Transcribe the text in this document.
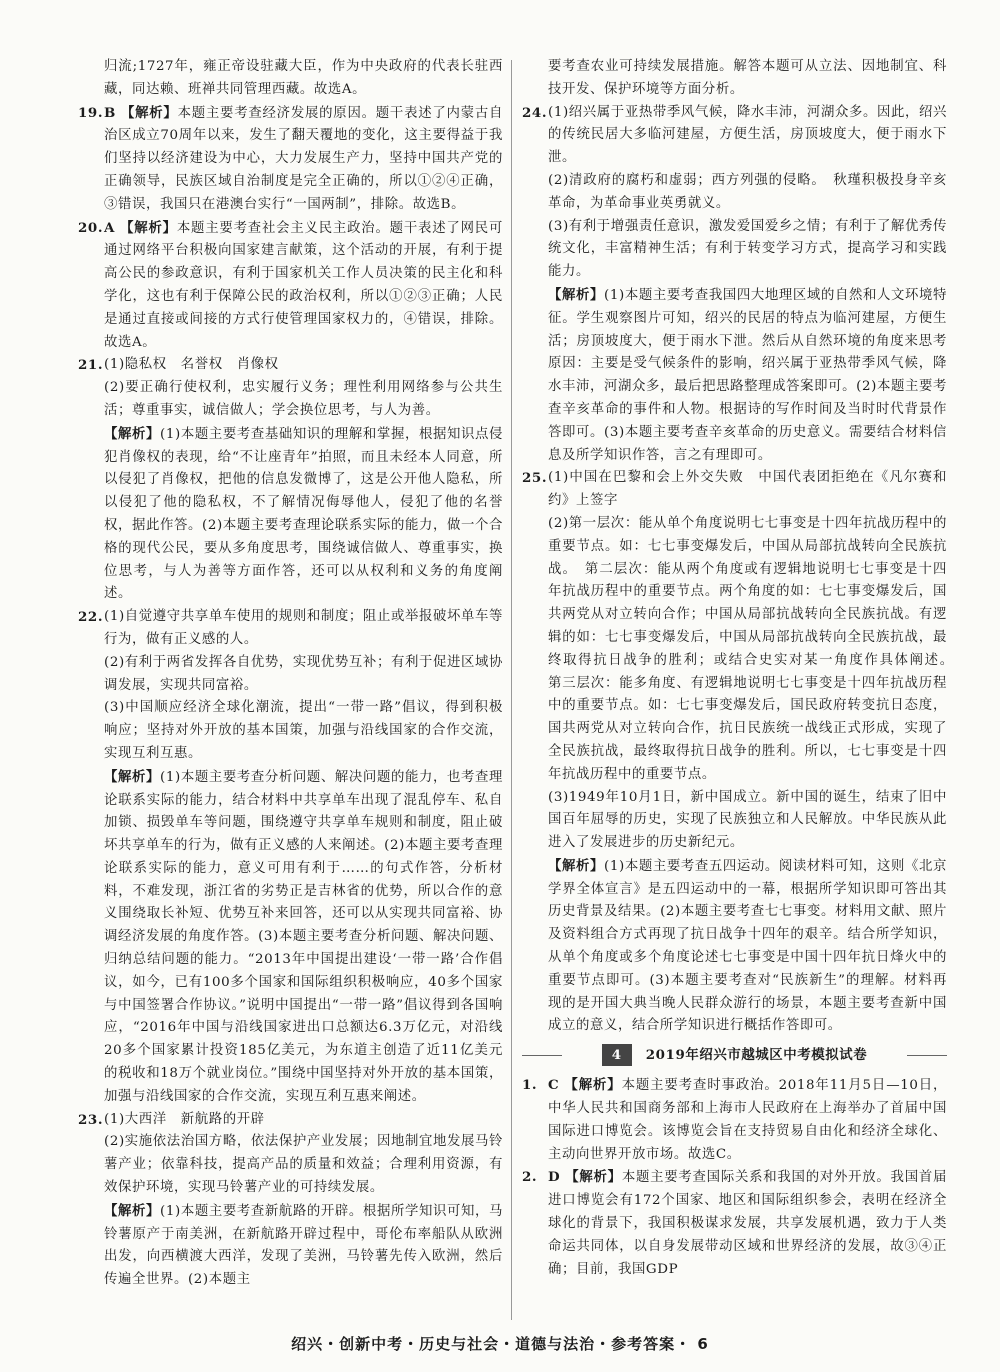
归流;1727年，雍正帝设驻藏大臣，作为中央政府的代表长驻西藏，同达赖、班禅共同管理西藏。故选A。

19. B 【解析】本题主要考查经济发展的原因。题干表述了内蒙古自治区成立70周年以来，发生了翻天覆地的变化，这主要得益于我们坚持以经济建设为中心，大力发展生产力，坚持中国共产党的正确领导，民族区域自治制度是完全正确的，所以①②④正确，③错误，我国只在港澳台实行“一国两制”，排除。故选B。

20. A 【解析】本题主要考查社会主义民主政治。题干表述了网民可通过网络平台积极向国家建言献策，这个活动的开展，有利于提高公民的参政意识，有利于国家机关工作人员决策的民主化和科学化，这也有利于保障公民的政治权利，所以①②③正确；人民是通过直接或间接的方式行使管理国家权力的，④错误，排除。故选A。

21. (1)隐私权　名誉权　肖像权

(2)要正确行使权利，忠实履行义务；理性利用网络参与公共生活；尊重事实，诚信做人；学会换位思考，与人为善。

【解析】(1)本题主要考查基础知识的理解和掌握，根据知识点侵犯肖像权的表现，给“不让座青年”拍照，而且未经本人同意，所以侵犯了肖像权，把他的信息发微博了，这是公开他人隐私，所以侵犯了他的隐私权，不了解情况侮辱他人，侵犯了他的名誉权，据此作答。(2)本题主要考查理论联系实际的能力，做一个合格的现代公民，要从多角度思考，围绕诚信做人、尊重事实，换位思考，与人为善等方面作答，还可以从权利和义务的角度阐述。

22. (1)自觉遵守共享单车使用的规则和制度；阻止或举报破坏单车等行为，做有正义感的人。

(2)有利于两省发挥各自优势，实现优势互补；有利于促进区域协调发展，实现共同富裕。

(3)中国顺应经济全球化潮流，提出“一带一路”倡议，得到积极响应；坚持对外开放的基本国策，加强与沿线国家的合作交流，实现互利互惠。

【解析】(1)本题主要考查分析问题、解决问题的能力，也考查理论联系实际的能力，结合材料中共享单车出现了混乱停车、私自加锁、损毁单车等问题，围绕遵守共享单车规则和制度，阻止破坏共享单车的行为，做有正义感的人来阐述。(2)本题主要考查理论联系实际的能力，意义可用有利于……的句式作答，分析材料，不难发现，浙江省的劣势正是吉林省的优势，所以合作的意义围绕取长补短、优势互补来回答，还可以从实现共同富裕、协调经济发展的角度作答。(3)本题主要考查分析问题、解决问题、归纳总结问题的能力。“2013年中国提出建设‘一带一路’合作倡议，如今，已有100多个国家和国际组织积极响应，40多个国家与中国签署合作协议。”说明中国提出“一带一路”倡议得到各国响应，“2016年中国与沿线国家进出口总额达6.3万亿元，对沿线20多个国家累计投资185亿美元，为东道主创造了近11亿美元的税收和18万个就业岗位。”围绕中国坚持对外开放的基本国策，加强与沿线国家的合作交流，实现互利互惠来阐述。

23. (1)大西洋　新航路的开辟

(2)实施依法治国方略，依法保护产业发展；因地制宜地发展马铃薯产业；依靠科技，提高产品的质量和效益；合理利用资源，有效保护环境，实现马铃薯产业的可持续发展。

【解析】(1)本题主要考查新航路的开辟。根据所学知识可知，马铃薯原产于南美洲，在新航路开辟过程中，哥伦布率船队从欧洲出发，向西横渡大西洋，发现了美洲，马铃薯先传入欧洲，然后传遍全世界。(2)本题主

要考查农业可持续发展措施。解答本题可从立法、因地制宜、科技开发、保护环境等方面分析。

24. (1)绍兴属于亚热带季风气候，降水丰沛，河湖众多。因此，绍兴的传统民居大多临河建屋，方便生活，房顶坡度大，便于雨水下泄。

(2)清政府的腐朽和虚弱；西方列强的侵略。　秋瑾积极投身辛亥革命，为革命事业英勇就义。

(3)有利于增强责任意识，激发爱国爱乡之情；有利于了解优秀传统文化，丰富精神生活；有利于转变学习方式，提高学习和实践能力。

【解析】(1)本题主要考查我国四大地理区域的自然和人文环境特征。学生观察图片可知，绍兴的民居的特点为临河建屋，方便生活；房顶坡度大，便于雨水下泄。然后从自然环境的角度来思考原因：主要是受气候条件的影响，绍兴属于亚热带季风气候，降水丰沛，河湖众多，最后把思路整理成答案即可。(2)本题主要考查辛亥革命的事件和人物。根据诗的写作时间及当时时代背景作答即可。(3)本题主要考查辛亥革命的历史意义。需要结合材料信息及所学知识作答，言之有理即可。

25. (1)中国在巴黎和会上外交失败　中国代表团拒绝在《凡尔赛和约》上签字

(2)第一层次：能从单个角度说明七七事变是十四年抗战历程中的重要节点。如：七七事变爆发后，中国从局部抗战转向全民族抗战。　第二层次：能从两个角度或有逻辑地说明七七事变是十四年抗战历程中的重要节点。两个角度的如：七七事变爆发后，国共两党从对立转向合作；中国从局部抗战转向全民族抗战。有逻辑的如：七七事变爆发后，中国从局部抗战转向全民族抗战，最终取得抗日战争的胜利；或结合史实对某一角度作具体阐述。　第三层次：能多角度、有逻辑地说明七七事变是十四年抗战历程中的重要节点。如：七七事变爆发后，国民政府转变抗日态度，国共两党从对立转向合作，抗日民族统一战线正式形成，实现了全民族抗战，最终取得抗日战争的胜利。所以，七七事变是十四年抗战历程中的重要节点。

(3)1949年10月1日，新中国成立。新中国的诞生，结束了旧中国百年屈辱的历史，实现了民族独立和人民解放。中华民族从此进入了发展进步的历史新纪元。

【解析】(1)本题主要考查五四运动。阅读材料可知，这则《北京学界全体宣言》是五四运动中的一幕，根据所学知识即可答出其历史背景及结果。(2)本题主要考查七七事变。材料用文献、照片及资料组合方式再现了抗日战争十四年的艰辛。结合所学知识，从单个角度或多个角度论述七七事变是中国十四年抗日烽火中的重要节点即可。(3)本题主要考查对“民族新生”的理解。材料再现的是开国大典当晚人民群众游行的场景，本题主要考查新中国成立的意义，结合所学知识进行概括作答即可。

4 2019年绍兴市越城区中考模拟试卷
1. C 【解析】本题主要考查时事政治。2018年11月5日—10日，中华人民共和国商务部和上海市人民政府在上海举办了首届中国国际进口博览会。该博览会旨在支持贸易自由化和经济全球化、主动向世界开放市场。故选C。

2. D 【解析】本题主要考查国际关系和我国的对外开放。我国首届进口博览会有172个国家、地区和国际组织参会，表明在经济全球化的背景下，我国积极谋求发展，共享发展机遇，致力于人类命运共同体，以自身发展带动区域和世界经济的发展，故③④正确；目前，我国GDP

绍兴・创新中考・历史与社会・道德与法治・参考答案・ 6
